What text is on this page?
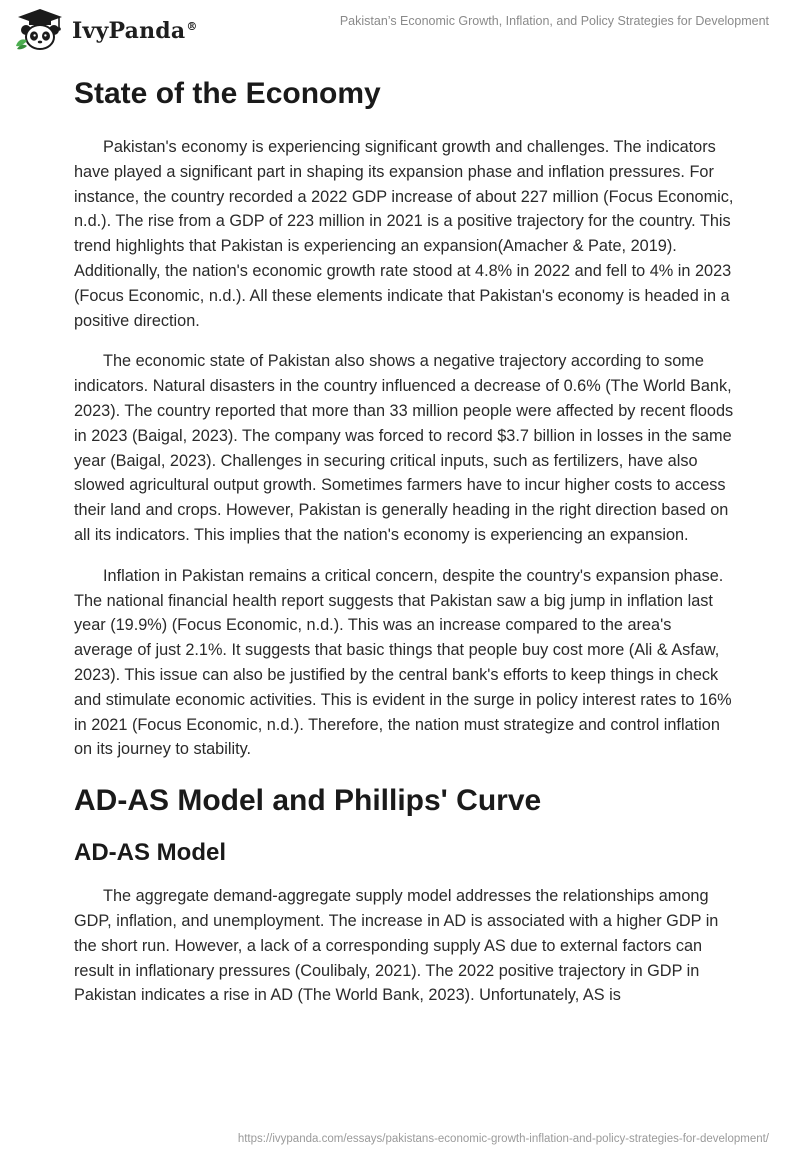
IvyPanda®	Pakistan’s Economic Growth, Inflation, and Policy Strategies for Development
State of the Economy

Pakistan's economy is experiencing significant growth and challenges. The indicators have played a significant part in shaping its expansion phase and inflation pressures. For instance, the country recorded a 2022 GDP increase of about 227 million (Focus Economic, n.d.). The rise from a GDP of 223 million in 2021 is a positive trajectory for the country. This trend highlights that Pakistan is experiencing an expansion(Amacher & Pate, 2019). Additionally, the nation's economic growth rate stood at 4.8% in 2022 and fell to 4% in 2023 (Focus Economic, n.d.). All these elements indicate that Pakistan's economy is headed in a positive direction.

The economic state of Pakistan also shows a negative trajectory according to some indicators. Natural disasters in the country influenced a decrease of 0.6% (The World Bank, 2023). The country reported that more than 33 million people were affected by recent floods in 2023 (Baigal, 2023). The company was forced to record $3.7 billion in losses in the same year (Baigal, 2023). Challenges in securing critical inputs, such as fertilizers, have also slowed agricultural output growth. Sometimes farmers have to incur higher costs to access their land and crops. However, Pakistan is generally heading in the right direction based on all its indicators. This implies that the nation's economy is experiencing an expansion.

Inflation in Pakistan remains a critical concern, despite the country's expansion phase. The national financial health report suggests that Pakistan saw a big jump in inflation last year (19.9%) (Focus Economic, n.d.). This was an increase compared to the area's average of just 2.1%. It suggests that basic things that people buy cost more (Ali & Asfaw, 2023). This issue can also be justified by the central bank's efforts to keep things in check and stimulate economic activities. This is evident in the surge in policy interest rates to 16% in 2021 (Focus Economic, n.d.). Therefore, the nation must strategize and control inflation on its journey to stability.

AD-AS Model and Phillips' Curve
AD-AS Model

The aggregate demand-aggregate supply model addresses the relationships among GDP, inflation, and unemployment. The increase in AD is associated with a higher GDP in the short run. However, a lack of a corresponding supply AS due to external factors can result in inflationary pressures (Coulibaly, 2021). The 2022 positive trajectory in GDP in Pakistan indicates a rise in AD (The World Bank, 2023). Unfortunately, AS is

https://ivypanda.com/essays/pakistans-economic-growth-inflation-and-policy-strategies-for-development/
